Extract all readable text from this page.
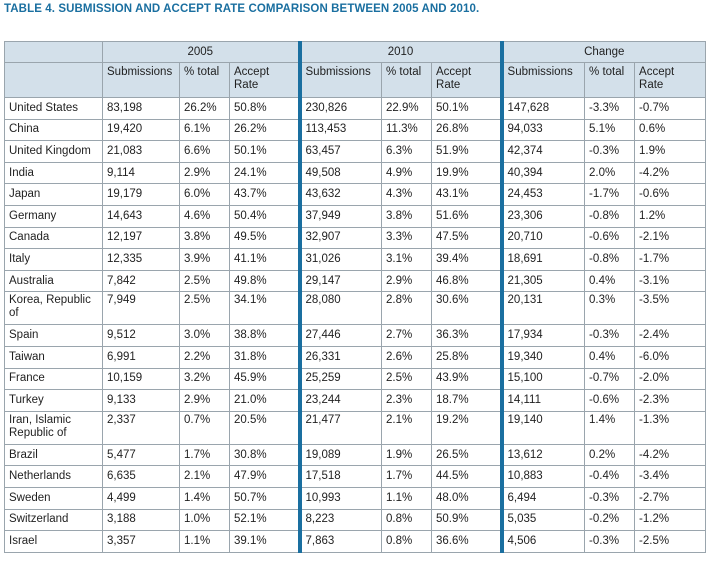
TABLE 4. SUBMISSION AND ACCEPT RATE COMPARISON BETWEEN 2005 AND 2010.
	2005			2010			Change		
	Submissions	% total	Accept Rate	Submissions	% total	Accept Rate	Submissions	% total	Accept Rate
United States	83,198	26.2%	50.8%	230,826	22.9%	50.1%	147,628	-3.3%	-0.7%
China	19,420	6.1%	26.2%	113,453	11.3%	26.8%	94,033	5.1%	0.6%
United Kingdom	21,083	6.6%	50.1%	63,457	6.3%	51.9%	42,374	-0.3%	1.9%
India	9,114	2.9%	24.1%	49,508	4.9%	19.9%	40,394	2.0%	-4.2%
Japan	19,179	6.0%	43.7%	43,632	4.3%	43.1%	24,453	-1.7%	-0.6%
Germany	14,643	4.6%	50.4%	37,949	3.8%	51.6%	23,306	-0.8%	1.2%
Canada	12,197	3.8%	49.5%	32,907	3.3%	47.5%	20,710	-0.6%	-2.1%
Italy	12,335	3.9%	41.1%	31,026	3.1%	39.4%	18,691	-0.8%	-1.7%
Australia	7,842	2.5%	49.8%	29,147	2.9%	46.8%	21,305	0.4%	-3.1%
Korea, Republic of	7,949	2.5%	34.1%	28,080	2.8%	30.6%	20,131	0.3%	-3.5%
Spain	9,512	3.0%	38.8%	27,446	2.7%	36.3%	17,934	-0.3%	-2.4%
Taiwan	6,991	2.2%	31.8%	26,331	2.6%	25.8%	19,340	0.4%	-6.0%
France	10,159	3.2%	45.9%	25,259	2.5%	43.9%	15,100	-0.7%	-2.0%
Turkey	9,133	2.9%	21.0%	23,244	2.3%	18.7%	14,111	-0.6%	-2.3%
Iran, Islamic Republic of	2,337	0.7%	20.5%	21,477	2.1%	19.2%	19,140	1.4%	-1.3%
Brazil	5,477	1.7%	30.8%	19,089	1.9%	26.5%	13,612	0.2%	-4.2%
Netherlands	6,635	2.1%	47.9%	17,518	1.7%	44.5%	10,883	-0.4%	-3.4%
Sweden	4,499	1.4%	50.7%	10,993	1.1%	48.0%	6,494	-0.3%	-2.7%
Switzerland	3,188	1.0%	52.1%	8,223	0.8%	50.9%	5,035	-0.2%	-1.2%
Israel	3,357	1.1%	39.1%	7,863	0.8%	36.6%	4,506	-0.3%	-2.5%
